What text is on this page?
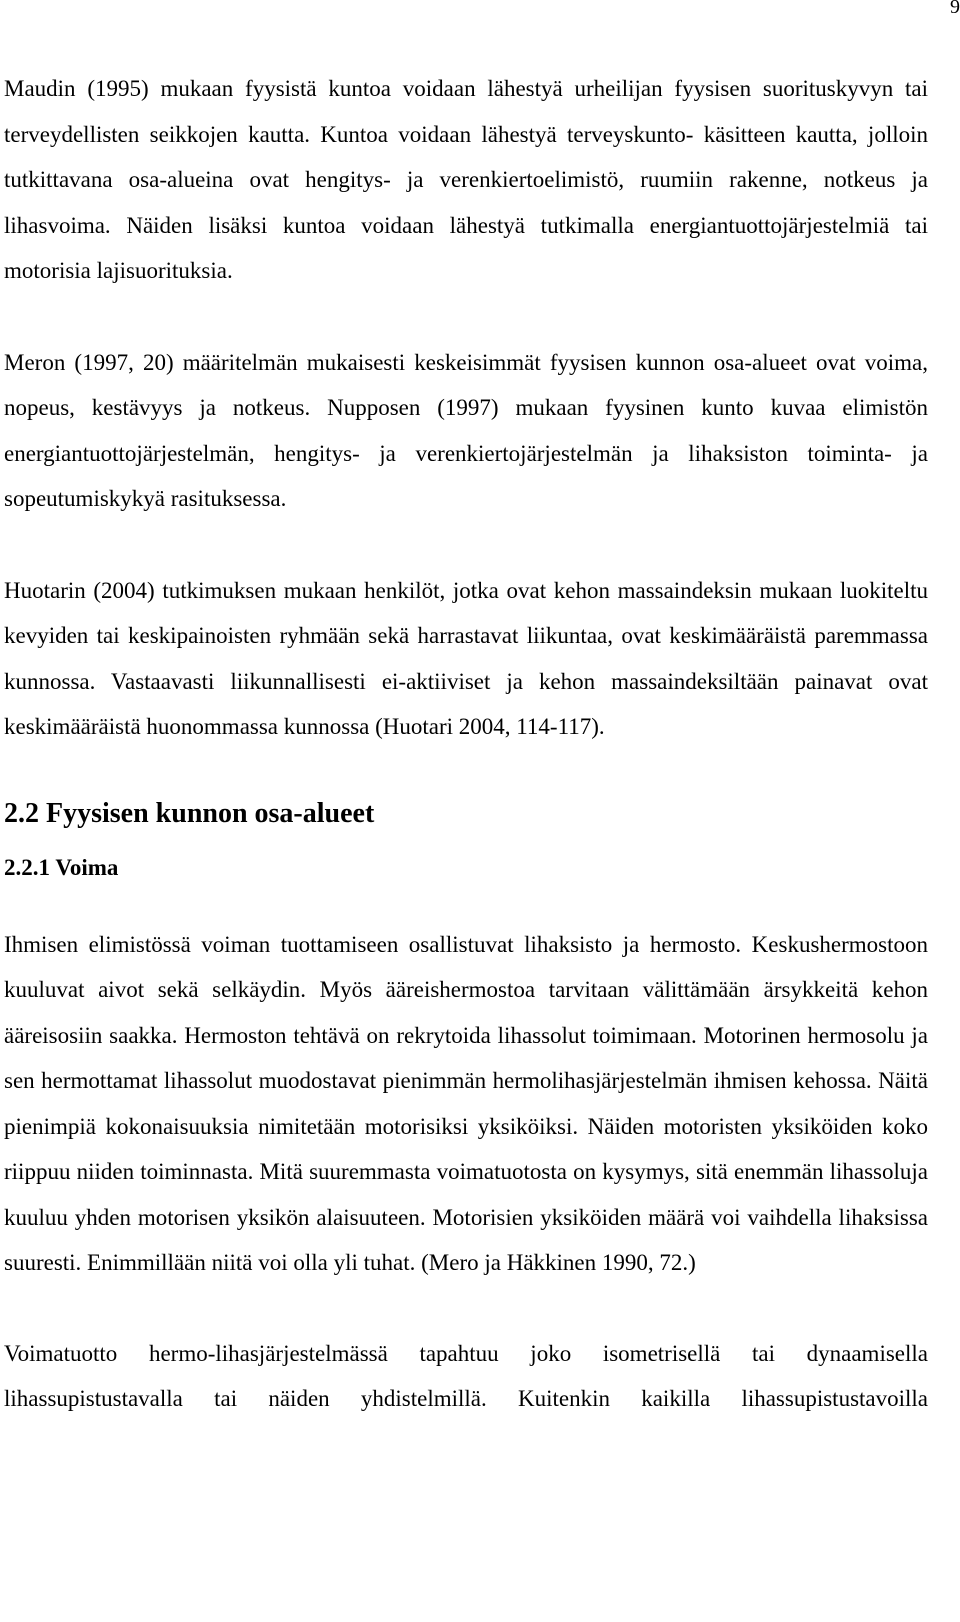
9

Maudin (1995) mukaan fyysistä kuntoa voidaan lähestyä urheilijan fyysisen suorituskyvyn tai terveydellisten seikkojen kautta. Kuntoa voidaan lähestyä terveyskunto- käsitteen kautta, jolloin tutkittavana osa-alueina ovat hengitys- ja verenkiertoelimistö, ruumiin rakenne, notkeus ja lihasvoima. Näiden lisäksi kuntoa voidaan lähestyä tutkimalla energiantuottojärjestelmiä tai motorisia lajisuorituksia.

Meron (1997, 20) määritelmän mukaisesti keskeisimmät fyysisen kunnon osa-alueet ovat voima, nopeus, kestävyys ja notkeus. Nupposen (1997) mukaan fyysinen kunto kuvaa elimistön energiantuottojärjestelmän, hengitys- ja verenkiertojärjestelmän ja lihaksiston toiminta- ja sopeutumiskykyä rasituksessa.

Huotarin (2004) tutkimuksen mukaan henkilöt, jotka ovat kehon massaindeksin mukaan luokiteltu kevyiden tai keskipainoisten ryhmään sekä harrastavat liikuntaa, ovat keskimääräistä paremmassa kunnossa. Vastaavasti liikunnallisesti ei-aktiiviset ja kehon massaindeksiltään painavat ovat keskimääräistä huonommassa kunnossa (Huotari 2004, 114-117).

2.2 Fyysisen kunnon osa-alueet
2.2.1 Voima

Ihmisen elimistössä voiman tuottamiseen osallistuvat lihaksisto ja hermosto. Keskushermostoon kuuluvat aivot sekä selkäydin. Myös ääreishermostoa tarvitaan välittämään ärsykkeitä kehon ääreisosiin saakka. Hermoston tehtävä on rekrytoida lihassolut toimimaan. Motorinen hermosolu ja sen hermottamat lihassolut muodostavat pienimmän hermolihasjärjestelmän ihmisen kehossa. Näitä pienimpiä kokonaisuuksia nimitetään motorisiksi yksiköiksi. Näiden motoristen yksiköiden koko riippuu niiden toiminnasta. Mitä suuremmasta voimatuotosta on kysymys, sitä enemmän lihassoluja kuuluu yhden motorisen yksikön alaisuuteen. Motorisien yksiköiden määrä voi vaihdella lihaksissa suuresti. Enimmillään niitä voi olla yli tuhat. (Mero ja Häkkinen 1990, 72.)

Voimatuotto hermo-lihasjärjestelmässä tapahtuu joko isometrisellä tai dynaamisella lihassupistustavalla tai näiden yhdistelmillä. Kuitenkin kaikilla lihassupistustavoilla
